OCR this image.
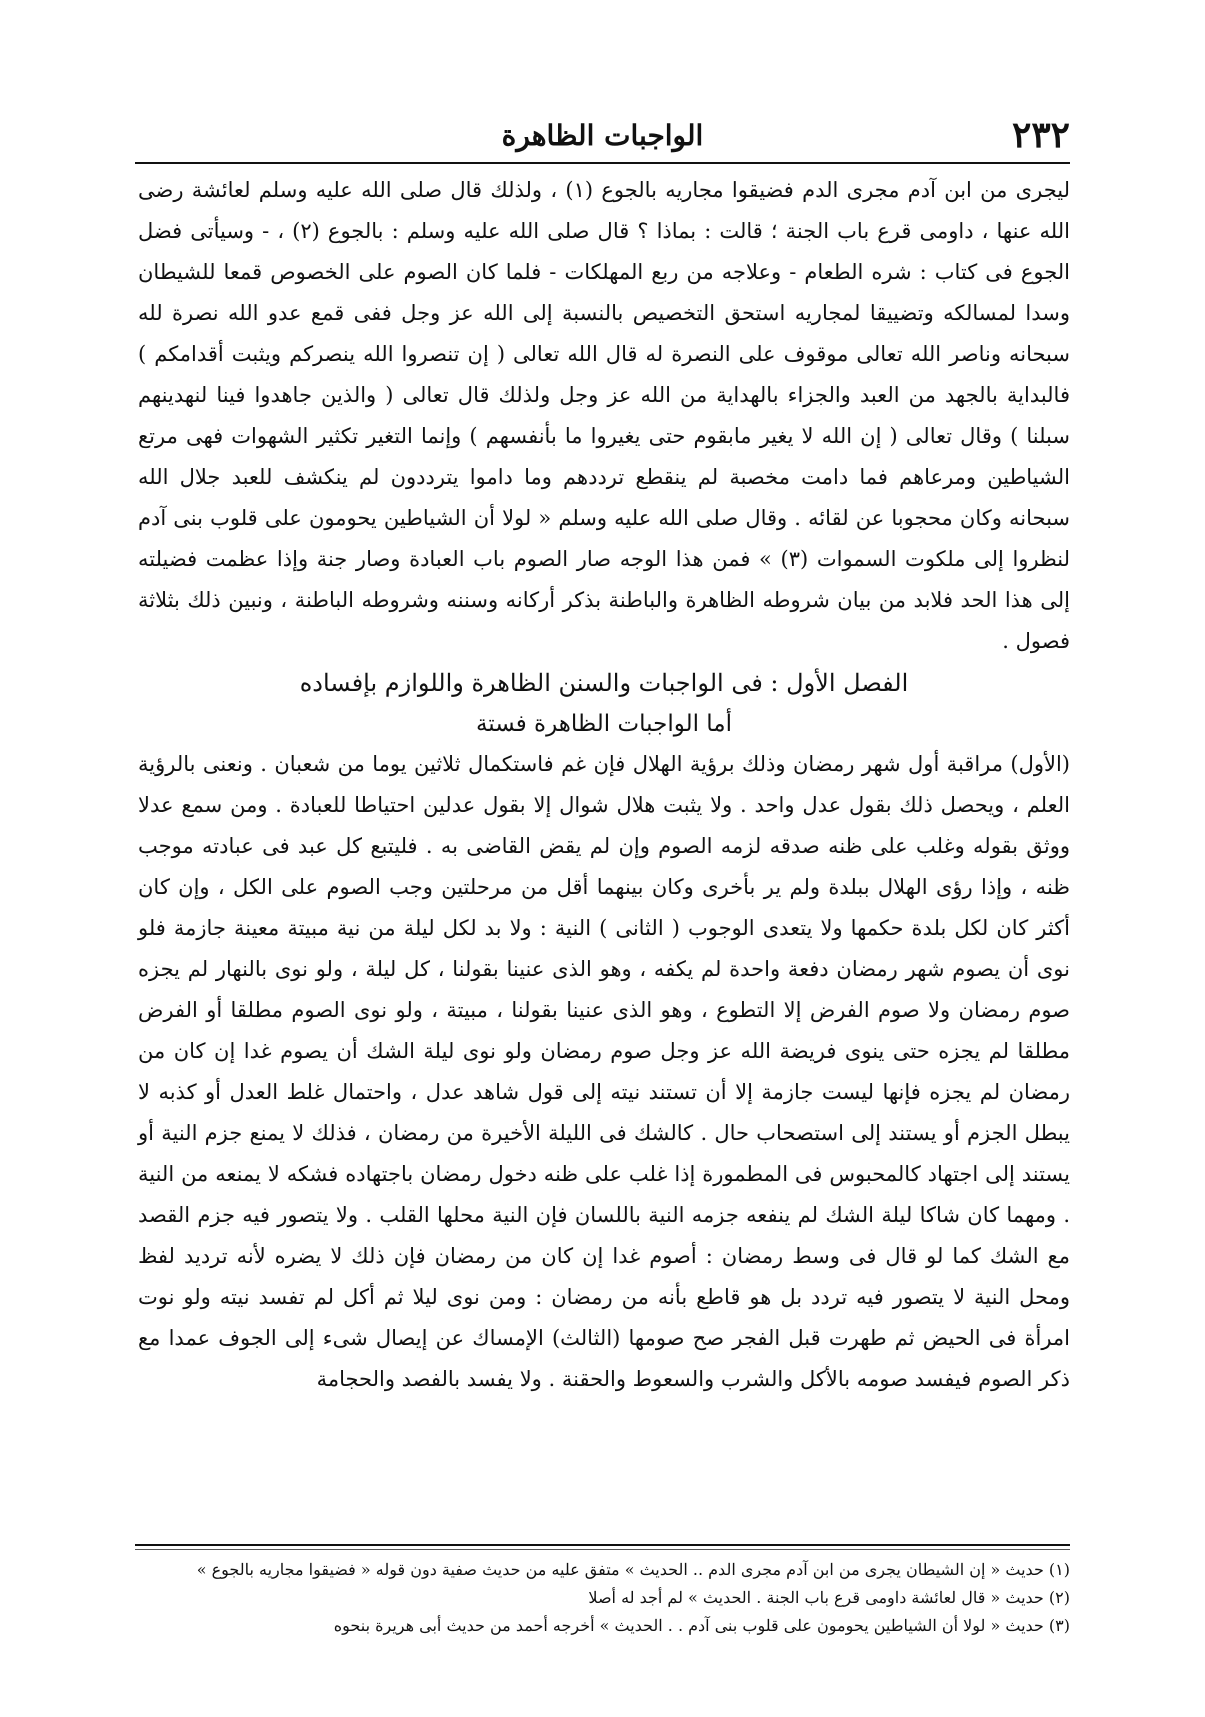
٢٣٢
الواجبات الظاهرة

ليجرى من ابن آدم مجرى الدم فضيقوا مجاريه بالجوع (١) ، ولذلك قال صلى الله عليه وسلم لعائشة رضى الله عنها ، داومى قرع باب الجنة ؛ قالت : بماذا ؟ قال صلى الله عليه وسلم : بالجوع (٢) ، - وسيأتى فضل الجوع فى كتاب : شره الطعام - وعلاجه من ربع المهلكات - فلما كان الصوم على الخصوص قمعا للشيطان وسدا لمسالكه وتضييقا لمجاريه استحق التخصيص بالنسبة إلى الله عز وجل ففى قمع عدو الله نصرة لله سبحانه وناصر الله تعالى موقوف على النصرة له قال الله تعالى ( إن تنصروا الله ينصركم ويثبت أقدامكم ) فالبداية بالجهد من العبد والجزاء بالهداية من الله عز وجل ولذلك قال تعالى ( والذين جاهدوا فينا لنهدينهم سبلنا ) وقال تعالى ( إن الله لا يغير مابقوم حتى يغيروا ما بأنفسهم ) وإنما التغير تكثير الشهوات فهى مرتع الشياطين ومرعاهم فما دامت مخصبة لم ينقطع ترددهم وما داموا يترددون لم ينكشف للعبد جلال الله سبحانه وكان محجوبا عن لقائه . وقال صلى الله عليه وسلم « لولا أن الشياطين يحومون على قلوب بنى آدم لنظروا إلى ملكوت السموات (٣) » فمن هذا الوجه صار الصوم باب العبادة وصار جنة وإذا عظمت فضيلته إلى هذا الحد فلابد من بيان شروطه الظاهرة والباطنة بذكر أركانه وسننه وشروطه الباطنة ، ونبين ذلك بثلاثة فصول .

الفصل الأول : فى الواجبات والسنن الظاهرة واللوازم بإفساده

أما الواجبات الظاهرة فستة

(الأول) مراقبة أول شهر رمضان وذلك برؤية الهلال فإن غم فاستكمال ثلاثين يوما من شعبان . ونعنى بالرؤية العلم ، ويحصل ذلك بقول عدل واحد . ولا يثبت هلال شوال إلا بقول عدلين احتياطا للعبادة . ومن سمع عدلا ووثق بقوله وغلب على ظنه صدقه لزمه الصوم وإن لم يقض القاضى به . فليتبع كل عبد فى عبادته موجب ظنه ، وإذا رؤى الهلال ببلدة ولم ير بأخرى وكان بينهما أقل من مرحلتين وجب الصوم على الكل ، وإن كان أكثر كان لكل بلدة حكمها ولا يتعدى الوجوب ( الثانى ) النية : ولا بد لكل ليلة من نية مبيتة معينة جازمة فلو نوى أن يصوم شهر رمضان دفعة واحدة لم يكفه ، وهو الذى عنينا بقولنا ، كل ليلة ، ولو نوى بالنهار لم يجزه صوم رمضان ولا صوم الفرض إلا التطوع ، وهو الذى عنينا بقولنا ، مبيتة ، ولو نوى الصوم مطلقا أو الفرض مطلقا لم يجزه حتى ينوى فريضة الله عز وجل صوم رمضان ولو نوى ليلة الشك أن يصوم غدا إن كان من رمضان لم يجزه فإنها ليست جازمة إلا أن تستند نيته إلى قول شاهد عدل ، واحتمال غلط العدل أو كذبه لا يبطل الجزم أو يستند إلى استصحاب حال . كالشك فى الليلة الأخيرة من رمضان ، فذلك لا يمنع جزم النية أو يستند إلى اجتهاد كالمحبوس فى المطمورة إذا غلب على ظنه دخول رمضان باجتهاده فشكه لا يمنعه من النية . ومهما كان شاكا ليلة الشك لم ينفعه جزمه النية باللسان فإن النية محلها القلب . ولا يتصور فيه جزم القصد مع الشك كما لو قال فى وسط رمضان : أصوم غدا إن كان من رمضان فإن ذلك لا يضره لأنه ترديد لفظ ومحل النية لا يتصور فيه تردد بل هو قاطع بأنه من رمضان : ومن نوى ليلا ثم أكل لم تفسد نيته ولو نوت امرأة فى الحيض ثم طهرت قبل الفجر صح صومها (الثالث) الإمساك عن إيصال شىء إلى الجوف عمدا مع ذكر الصوم فيفسد صومه بالأكل والشرب والسعوط والحقنة . ولا يفسد بالفصد والحجامة

(١) حديث « إن الشيطان يجرى من ابن آدم مجرى الدم .. الحديث » متفق عليه من حديث صفية دون قوله « فضيقوا مجاريه بالجوع »

(٢) حديث « قال لعائشة داومى قرع باب الجنة . الحديث » لم أجد له أصلا

(٣) حديث « لولا أن الشياطين يحومون على قلوب بنى آدم . . الحديث » أخرجه أحمد من حديث أبى هريرة بنحوه
